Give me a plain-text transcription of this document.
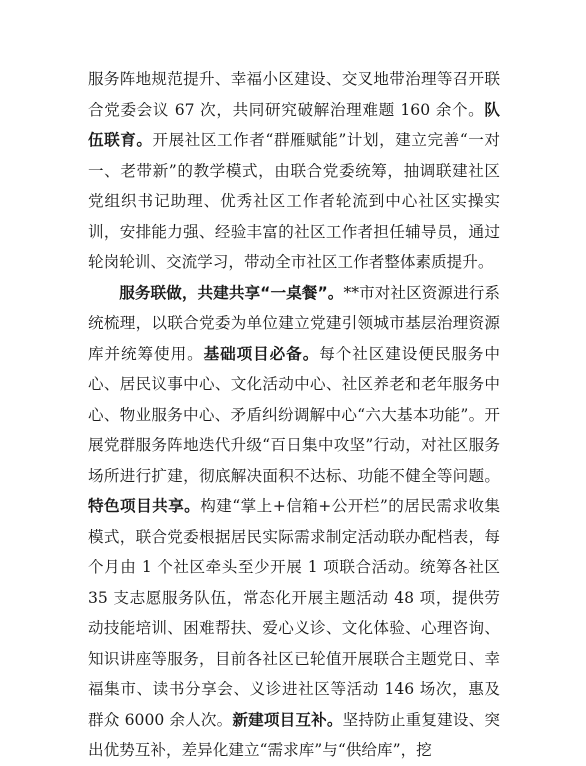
服务阵地规范提升、幸福小区建设、交叉地带治理等召开联合党委会议 67 次，共同研究破解治理难题 160 余个。队伍联育。开展社区工作者“群雁赋能”计划，建立完善“一对一、老带新”的教学模式，由联合党委统筹，抽调联建社区党组织书记助理、优秀社区工作者轮流到中心社区实操实训，安排能力强、经验丰富的社区工作者担任辅导员，通过轮岗轮训、交流学习，带动全市社区工作者整体素质提升。

服务联做，共建共享“一桌餐”。**市对社区资源进行系统梳理，以联合党委为单位建立党建引领城市基层治理资源库并统筹使用。基础项目必备。每个社区建设便民服务中心、居民议事中心、文化活动中心、社区养老和老年服务中心、物业服务中心、矛盾纠纷调解中心“六大基本功能”。开展党群服务阵地迭代升级“百日集中攻坚”行动，对社区服务场所进行扩建，彻底解决面积不达标、功能不健全等问题。特色项目共享。构建“掌上+信箱+公开栏”的居民需求收集模式，联合党委根据居民实际需求制定活动联办配档表，每个月由 1 个社区牵头至少开展 1 项联合活动。统筹各社区 35 支志愿服务队伍，常态化开展主题活动 48 项，提供劳动技能培训、困难帮扶、爱心义诊、文化体验、心理咨询、知识讲座等服务，目前各社区已轮值开展联合主题党日、幸福集市、读书分享会、义诊进社区等活动 146 场次，惠及群众 6000 余人次。新建项目互补。坚持防止重复建设、突出优势互补，差异化建立“需求库”与“供给库”，挖
